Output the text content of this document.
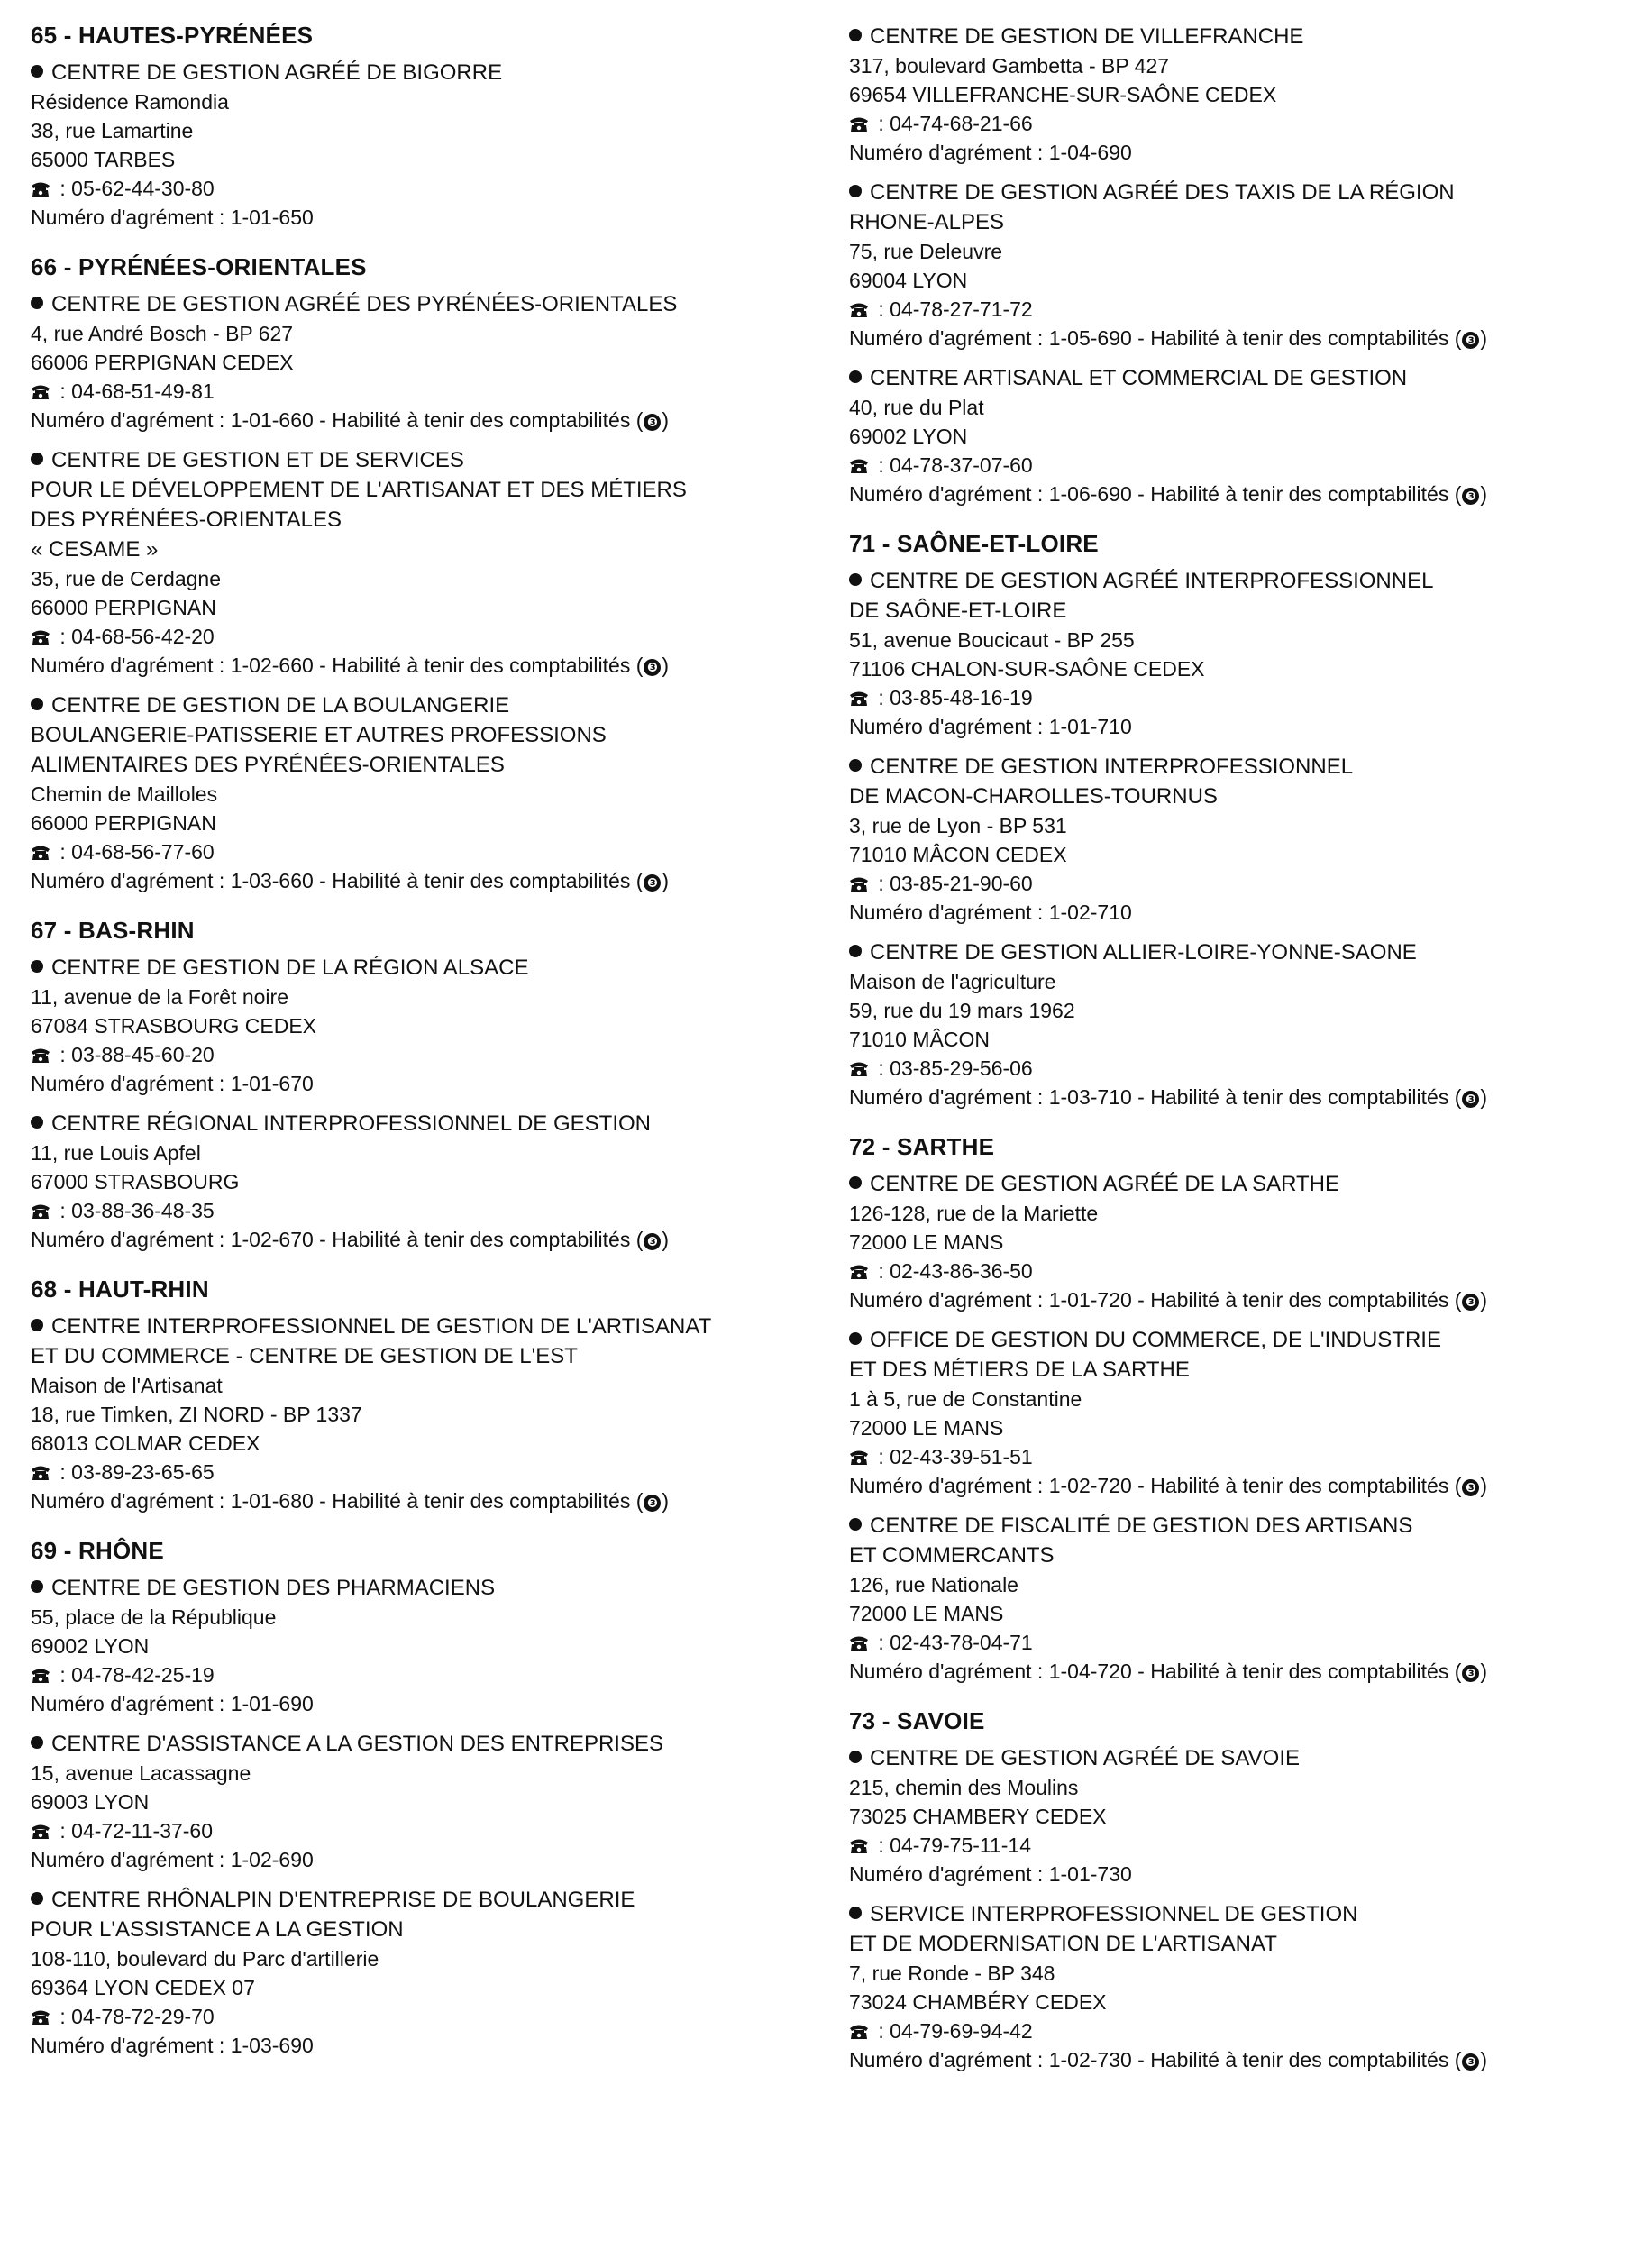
65 - HAUTES-PYRÉNÉES
CENTRE DE GESTION AGRÉÉ DE BIGORRE
Résidence Ramondia
38, rue Lamartine
65000 TARBES
: 05-62-44-30-80
Numéro d'agrément : 1-01-650
66 - PYRÉNÉES-ORIENTALES
CENTRE DE GESTION AGRÉÉ DES PYRÉNÉES-ORIENTALES
4, rue André Bosch - BP 627
66006 PERPIGNAN CEDEX
: 04-68-51-49-81
Numéro d'agrément : 1-01-660 - Habilité à tenir des comptabilités ( ❸ )
CENTRE DE GESTION ET DE SERVICES
POUR LE DÉVELOPPEMENT DE L'ARTISANAT ET DES MÉTIERS
DES PYRÉNÉES-ORIENTALES
« CESAME »
35, rue de Cerdagne
66000 PERPIGNAN
: 04-68-56-42-20
Numéro d'agrément : 1-02-660 - Habilité à tenir des comptabilités ( ❸ )
CENTRE DE GESTION DE LA BOULANGERIE
BOULANGERIE-PATISSERIE ET AUTRES PROFESSIONS
ALIMENTAIRES DES PYRÉNÉES-ORIENTALES
Chemin de Mailloles
66000 PERPIGNAN
: 04-68-56-77-60
Numéro d'agrément : 1-03-660 - Habilité à tenir des comptabilités ( ❸ )
67 - BAS-RHIN
CENTRE DE GESTION DE LA RÉGION ALSACE
11, avenue de la Forêt noire
67084 STRASBOURG CEDEX
: 03-88-45-60-20
Numéro d'agrément : 1-01-670
CENTRE RÉGIONAL INTERPROFESSIONNEL DE GESTION
11, rue Louis Apfel
67000 STRASBOURG
: 03-88-36-48-35
Numéro d'agrément : 1-02-670 - Habilité à tenir des comptabilités ( ❸ )
68 - HAUT-RHIN
CENTRE INTERPROFESSIONNEL DE GESTION DE L'ARTISANAT
ET DU COMMERCE - CENTRE DE GESTION DE L'EST
Maison de l'Artisanat
18, rue Timken, ZI NORD - BP 1337
68013 COLMAR CEDEX
: 03-89-23-65-65
Numéro d'agrément : 1-01-680 - Habilité à tenir des comptabilités ( ❸ )
69 - RHÔNE
CENTRE DE GESTION DES PHARMACIENS
55, place de la République
69002 LYON
: 04-78-42-25-19
Numéro d'agrément : 1-01-690
CENTRE D'ASSISTANCE A LA GESTION DES ENTREPRISES
15, avenue Lacassagne
69003 LYON
: 04-72-11-37-60
Numéro d'agrément : 1-02-690
CENTRE RHÔNALPIN D'ENTREPRISE DE BOULANGERIE
POUR L'ASSISTANCE A LA GESTION
108-110, boulevard du Parc d'artillerie
69364 LYON CEDEX 07
: 04-78-72-29-70
Numéro d'agrément : 1-03-690
CENTRE DE GESTION DE VILLEFRANCHE
317, boulevard Gambetta - BP 427
69654 VILLEFRANCHE-SUR-SAÔNE CEDEX
: 04-74-68-21-66
Numéro d'agrément : 1-04-690
CENTRE DE GESTION AGRÉÉ DES TAXIS DE LA RÉGION
RHONE-ALPES
75, rue Deleuvre
69004 LYON
: 04-78-27-71-72
Numéro d'agrément : 1-05-690 - Habilité à tenir des comptabilités ( ❸ )
CENTRE ARTISANAL ET COMMERCIAL DE GESTION
40, rue du Plat
69002 LYON
: 04-78-37-07-60
Numéro d'agrément : 1-06-690 - Habilité à tenir des comptabilités ( ❸ )
71 - SAÔNE-ET-LOIRE
CENTRE DE GESTION AGRÉÉ INTERPROFESSIONNEL
DE SAÔNE-ET-LOIRE
51, avenue Boucicaut - BP 255
71106 CHALON-SUR-SAÔNE CEDEX
: 03-85-48-16-19
Numéro d'agrément : 1-01-710
CENTRE DE GESTION INTERPROFESSIONNEL
DE MACON-CHAROLLES-TOURNUS
3, rue de Lyon - BP 531
71010 MÂCON CEDEX
: 03-85-21-90-60
Numéro d'agrément : 1-02-710
CENTRE DE GESTION ALLIER-LOIRE-YONNE-SAONE
Maison de l'agriculture
59, rue du 19 mars 1962
71010 MÂCON
: 03-85-29-56-06
Numéro d'agrément : 1-03-710 - Habilité à tenir des comptabilités ( ❸ )
72 - SARTHE
CENTRE DE GESTION AGRÉÉ DE LA SARTHE
126-128, rue de la Mariette
72000 LE MANS
: 02-43-86-36-50
Numéro d'agrément : 1-01-720 - Habilité à tenir des comptabilités ( ❸ )
OFFICE DE GESTION DU COMMERCE, DE L'INDUSTRIE
ET DES MÉTIERS DE LA SARTHE
1 à 5, rue de Constantine
72000 LE MANS
: 02-43-39-51-51
Numéro d'agrément : 1-02-720 - Habilité à tenir des comptabilités ( ❸ )
CENTRE DE FISCALITÉ DE GESTION DES ARTISANS
ET COMMERCANTS
126, rue Nationale
72000 LE MANS
: 02-43-78-04-71
Numéro d'agrément : 1-04-720 - Habilité à tenir des comptabilités ( ❸ )
73 - SAVOIE
CENTRE DE GESTION AGRÉÉ DE SAVOIE
215, chemin des Moulins
73025 CHAMBERY CEDEX
: 04-79-75-11-14
Numéro d'agrément : 1-01-730
SERVICE INTERPROFESSIONNEL DE GESTION
ET DE MODERNISATION DE L'ARTISANAT
7, rue Ronde - BP 348
73024 CHAMBÉRY CEDEX
: 04-79-69-94-42
Numéro d'agrément : 1-02-730 - Habilité à tenir des comptabilités ( ❸ )
